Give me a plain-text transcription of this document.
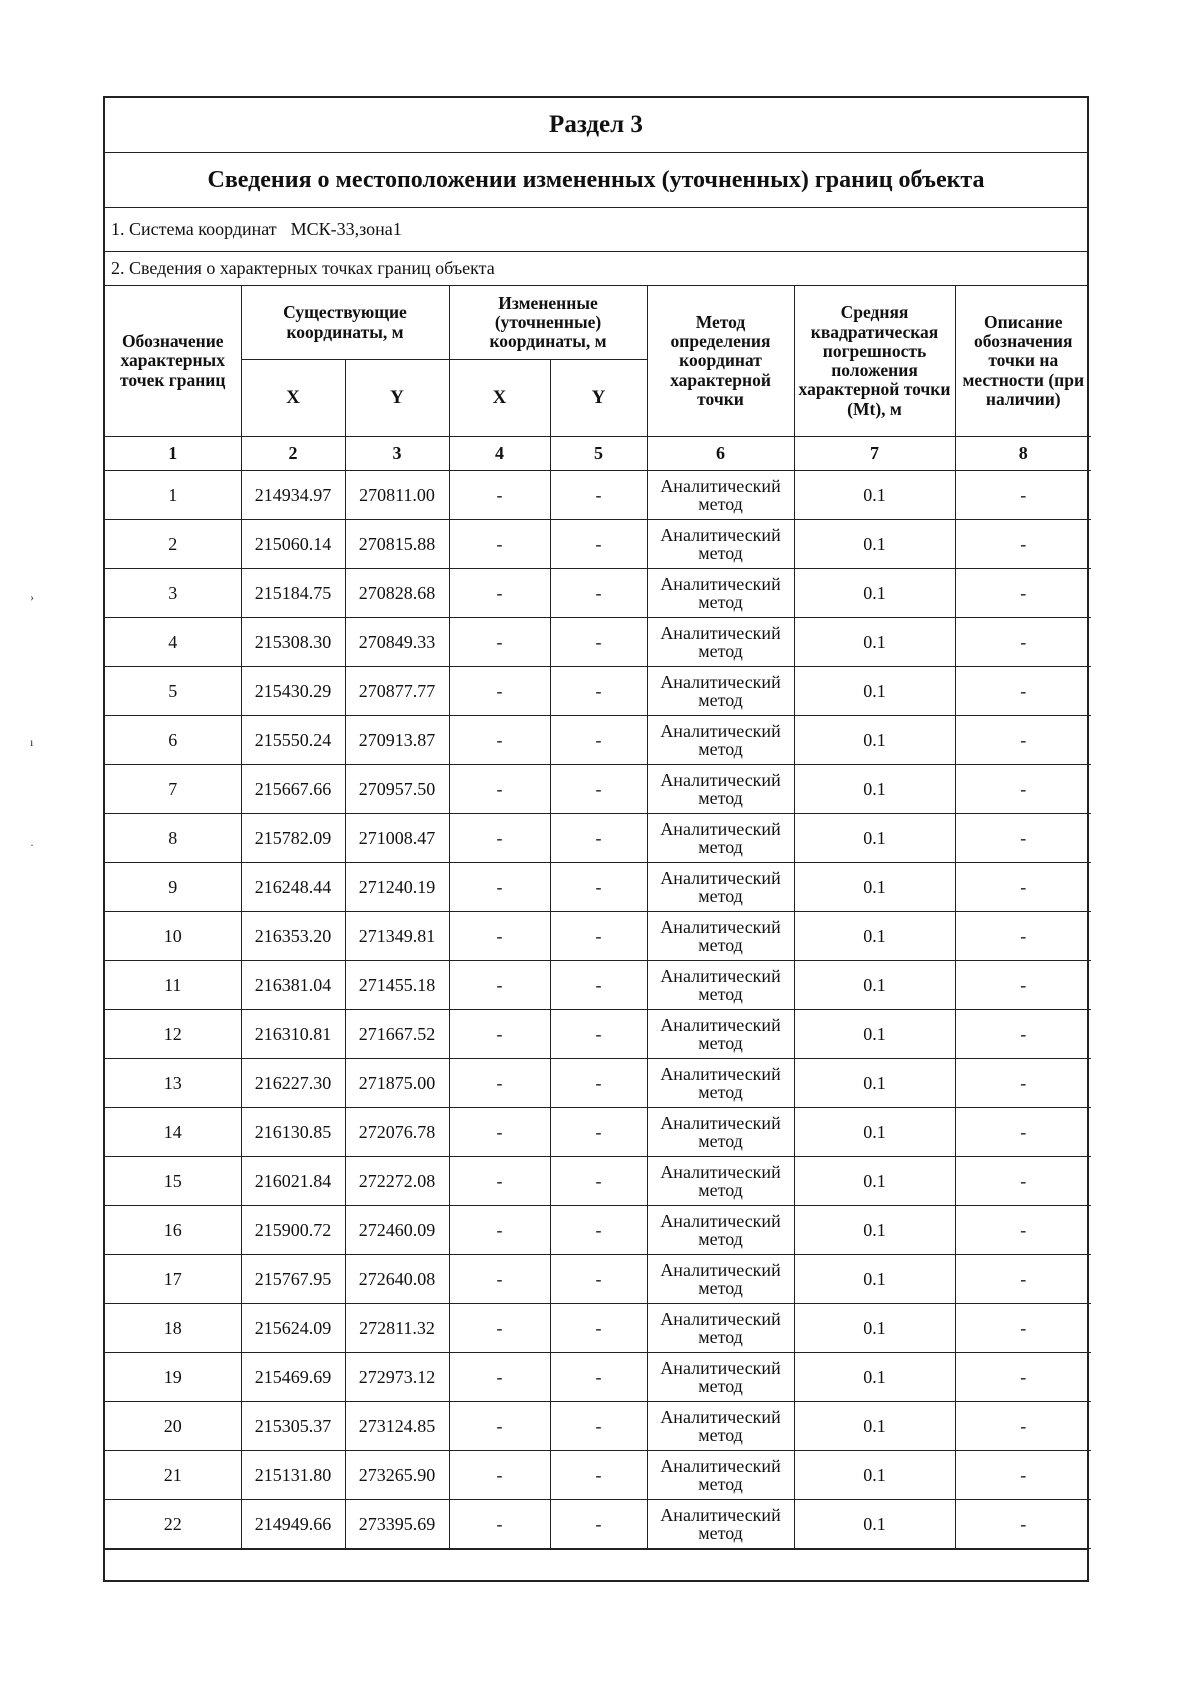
Раздел 3
Сведения о местоположении измененных (уточненных) границ объекта
1. Система координат МСК-33,зона1
2. Сведения о характерных точках границ объекта
Обозначение характерных точек границ	Существующие координаты, м		Измененные (уточненные) координаты, м		Метод определения координат характерной точки	Средняя квадратическая погрешность положения характерной точки (Mt), м	Описание обозначения точки на местности (при наличии)
	X	Y	X	Y			
1	2	3	4	5	6	7	8
1	214934.97	270811.00	-	-	Аналитический метод	0.1	-
2	215060.14	270815.88	-	-	Аналитический метод	0.1	-
3	215184.75	270828.68	-	-	Аналитический метод	0.1	-
4	215308.30	270849.33	-	-	Аналитический метод	0.1	-
5	215430.29	270877.77	-	-	Аналитический метод	0.1	-
6	215550.24	270913.87	-	-	Аналитический метод	0.1	-
7	215667.66	270957.50	-	-	Аналитический метод	0.1	-
8	215782.09	271008.47	-	-	Аналитический метод	0.1	-
9	216248.44	271240.19	-	-	Аналитический метод	0.1	-
10	216353.20	271349.81	-	-	Аналитический метод	0.1	-
11	216381.04	271455.18	-	-	Аналитический метод	0.1	-
12	216310.81	271667.52	-	-	Аналитический метод	0.1	-
13	216227.30	271875.00	-	-	Аналитический метод	0.1	-
14	216130.85	272076.78	-	-	Аналитический метод	0.1	-
15	216021.84	272272.08	-	-	Аналитический метод	0.1	-
16	215900.72	272460.09	-	-	Аналитический метод	0.1	-
17	215767.95	272640.08	-	-	Аналитический метод	0.1	-
18	215624.09	272811.32	-	-	Аналитический метод	0.1	-
19	215469.69	272973.12	-	-	Аналитический метод	0.1	-
20	215305.37	273124.85	-	-	Аналитический метод	0.1	-
21	215131.80	273265.90	-	-	Аналитический метод	0.1	-
22	214949.66	273395.69	-	-	Аналитический метод	0.1	-
›
ı
·
